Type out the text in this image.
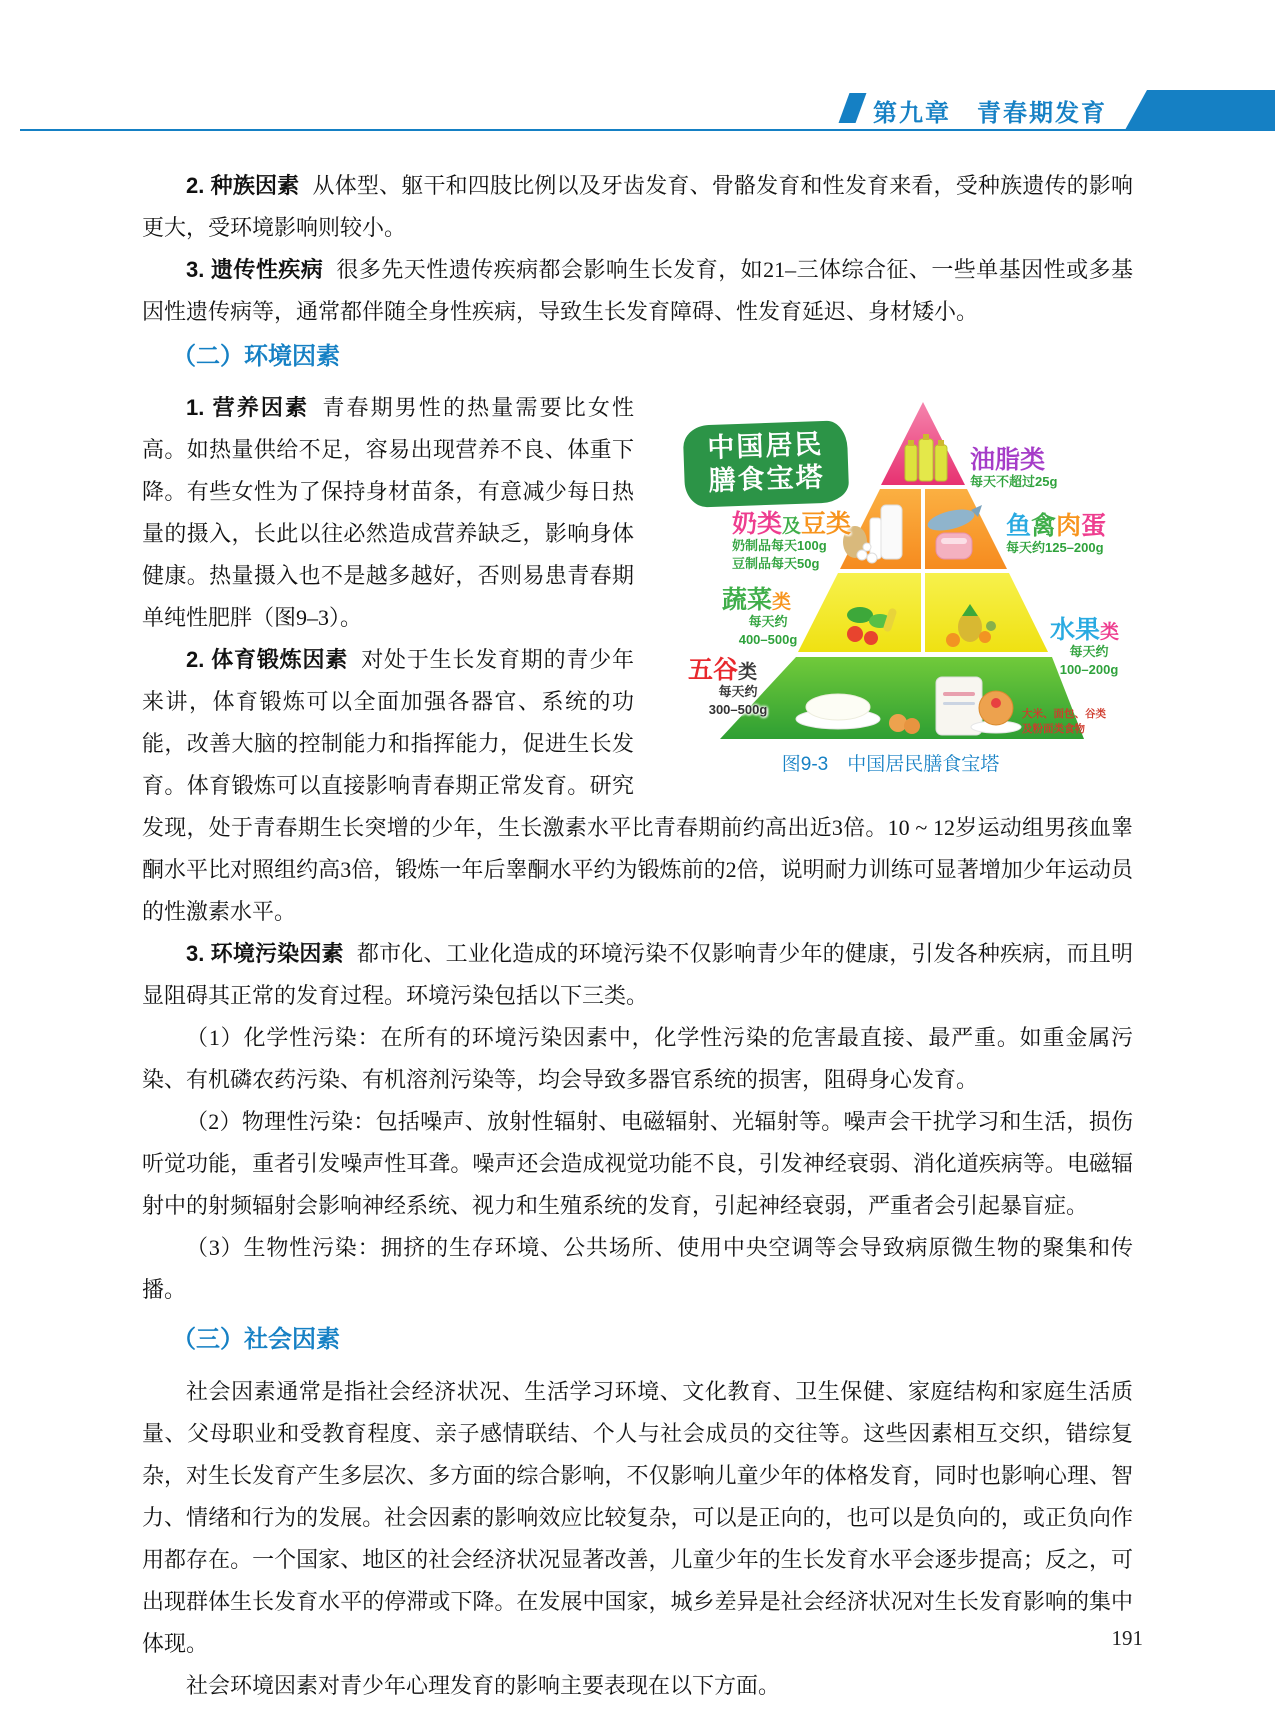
第九章　青春期发育

2. 种族因素 从体型、躯干和四肢比例以及牙齿发育、骨骼发育和性发育来看，受种族遗传的影响更大，受环境影响则较小。

3. 遗传性疾病 很多先天性遗传疾病都会影响生长发育，如21–三体综合征、一些单基因性或多基因性遗传病等，通常都伴随全身性疾病，导致生长发育障碍、性发育延迟、身材矮小。

（二）环境因素
中国居民
膳食宝塔
油脂类
每天不超过25g
奶类及豆类
奶制品每天100g
豆制品每天50g
鱼禽肉蛋
每天约125–200g
蔬菜类
每天约
400–500g	水果类
每天约
100–200g
五谷类
每天约
300–500g	大米、面包、谷类
及粉面类食物
图9-3　中国居民膳食宝塔

1. 营养因素 青春期男性的热量需要比女性高。如热量供给不足，容易出现营养不良、体重下降。有些女性为了保持身材苗条，有意减少每日热量的摄入，长此以往必然造成营养缺乏，影响身体健康。热量摄入也不是越多越好，否则易患青春期单纯性肥胖（图9–3）。

2. 体育锻炼因素 对处于生长发育期的青少年来讲，体育锻炼可以全面加强各器官、系统的功能，改善大脑的控制能力和指挥能力，促进生长发育。体育锻炼可以直接影响青春期正常发育。研究发现，处于青春期生长突增的少年，生长激素水平比青春期前约高出近3倍。10 ~ 12岁运动组男孩血睾酮水平比对照组约高3倍，锻炼一年后睾酮水平约为锻炼前的2倍，说明耐力训练可显著增加少年运动员的性激素水平。

3. 环境污染因素 都市化、工业化造成的环境污染不仅影响青少年的健康，引发各种疾病，而且明显阻碍其正常的发育过程。环境污染包括以下三类。

（1）化学性污染：在所有的环境污染因素中，化学性污染的危害最直接、最严重。如重金属污染、有机磷农药污染、有机溶剂污染等，均会导致多器官系统的损害，阻碍身心发育。

（2）物理性污染：包括噪声、放射性辐射、电磁辐射、光辐射等。噪声会干扰学习和生活，损伤听觉功能，重者引发噪声性耳聋。噪声还会造成视觉功能不良，引发神经衰弱、消化道疾病等。电磁辐射中的射频辐射会影响神经系统、视力和生殖系统的发育，引起神经衰弱，严重者会引起暴盲症。

（3）生物性污染：拥挤的生存环境、公共场所、使用中央空调等会导致病原微生物的聚集和传播。

（三）社会因素

社会因素通常是指社会经济状况、生活学习环境、文化教育、卫生保健、家庭结构和家庭生活质量、父母职业和受教育程度、亲子感情联结、个人与社会成员的交往等。这些因素相互交织，错综复杂，对生长发育产生多层次、多方面的综合影响，不仅影响儿童少年的体格发育，同时也影响心理、智力、情绪和行为的发展。社会因素的影响效应比较复杂，可以是正向的，也可以是负向的，或正负向作用都存在。一个国家、地区的社会经济状况显著改善，儿童少年的生长发育水平会逐步提高；反之，可出现群体生长发育水平的停滞或下降。在发展中国家，城乡差异是社会经济状况对生长发育影响的集中体现。

社会环境因素对青少年心理发育的影响主要表现在以下方面。

191
